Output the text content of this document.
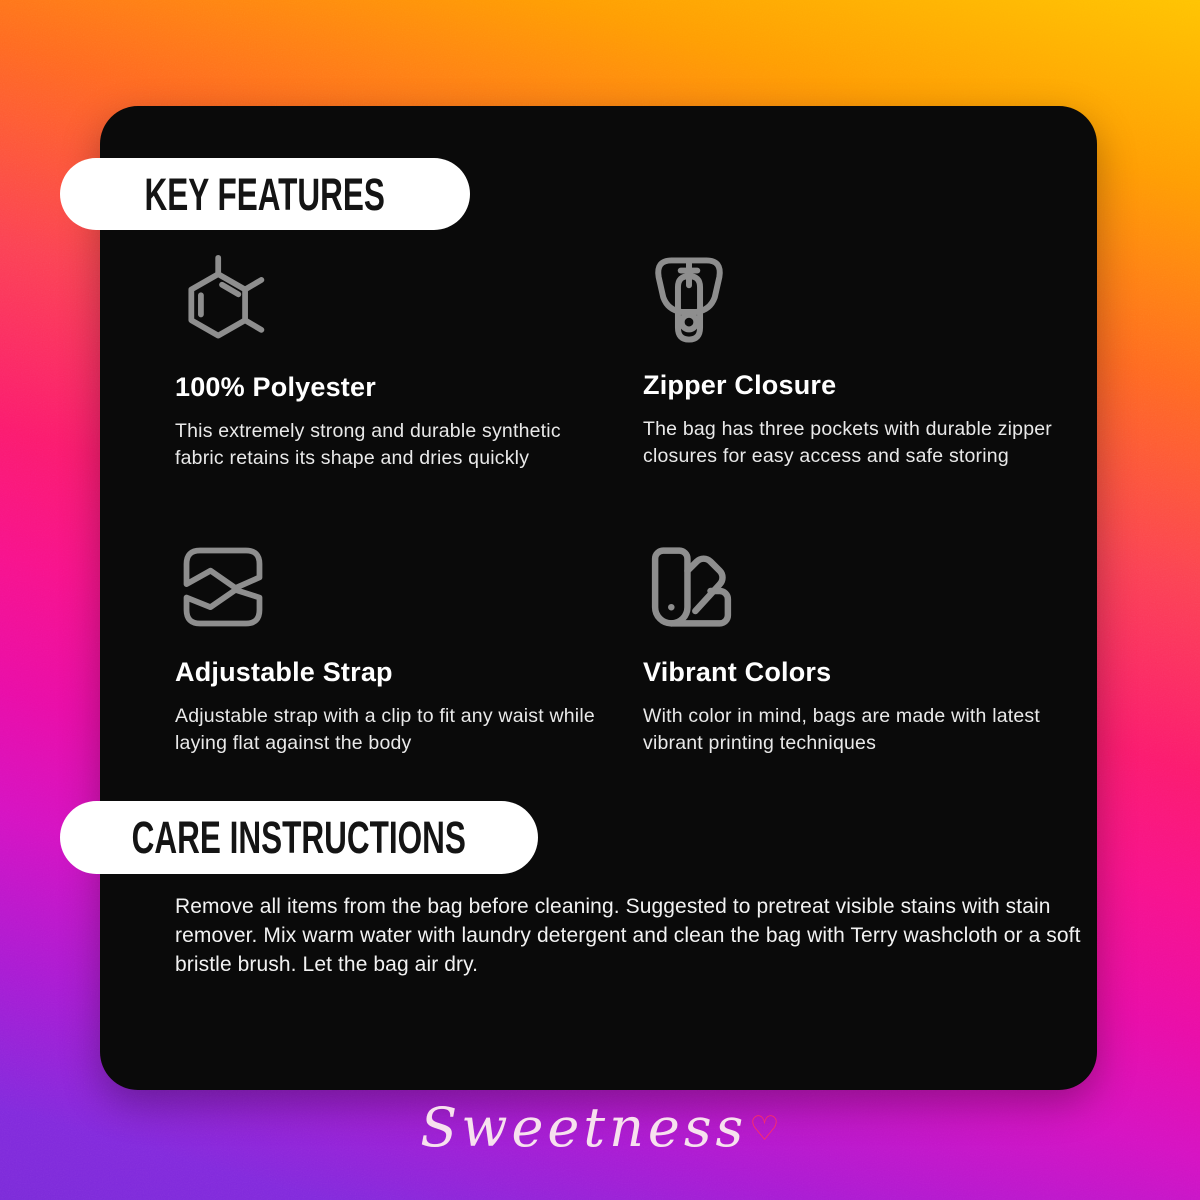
KEY FEATURES
100% Polyester

This extremely strong and durable synthetic fabric retains its shape and dries quickly

Zipper Closure

The bag has three pockets with durable zipper closures for easy access and safe storing

Adjustable Strap

Adjustable strap with a clip to fit any waist while laying flat against the body

Vibrant Colors

With color in mind, bags are made with latest vibrant printing techniques

CARE INSTRUCTIONS

Remove all items from the bag before cleaning. Suggested to pretreat visible stains with stain remover. Mix warm water with laundry detergent and clean the bag with Terry washcloth or a soft bristle brush. Let the bag air dry.

Sweetness♡
